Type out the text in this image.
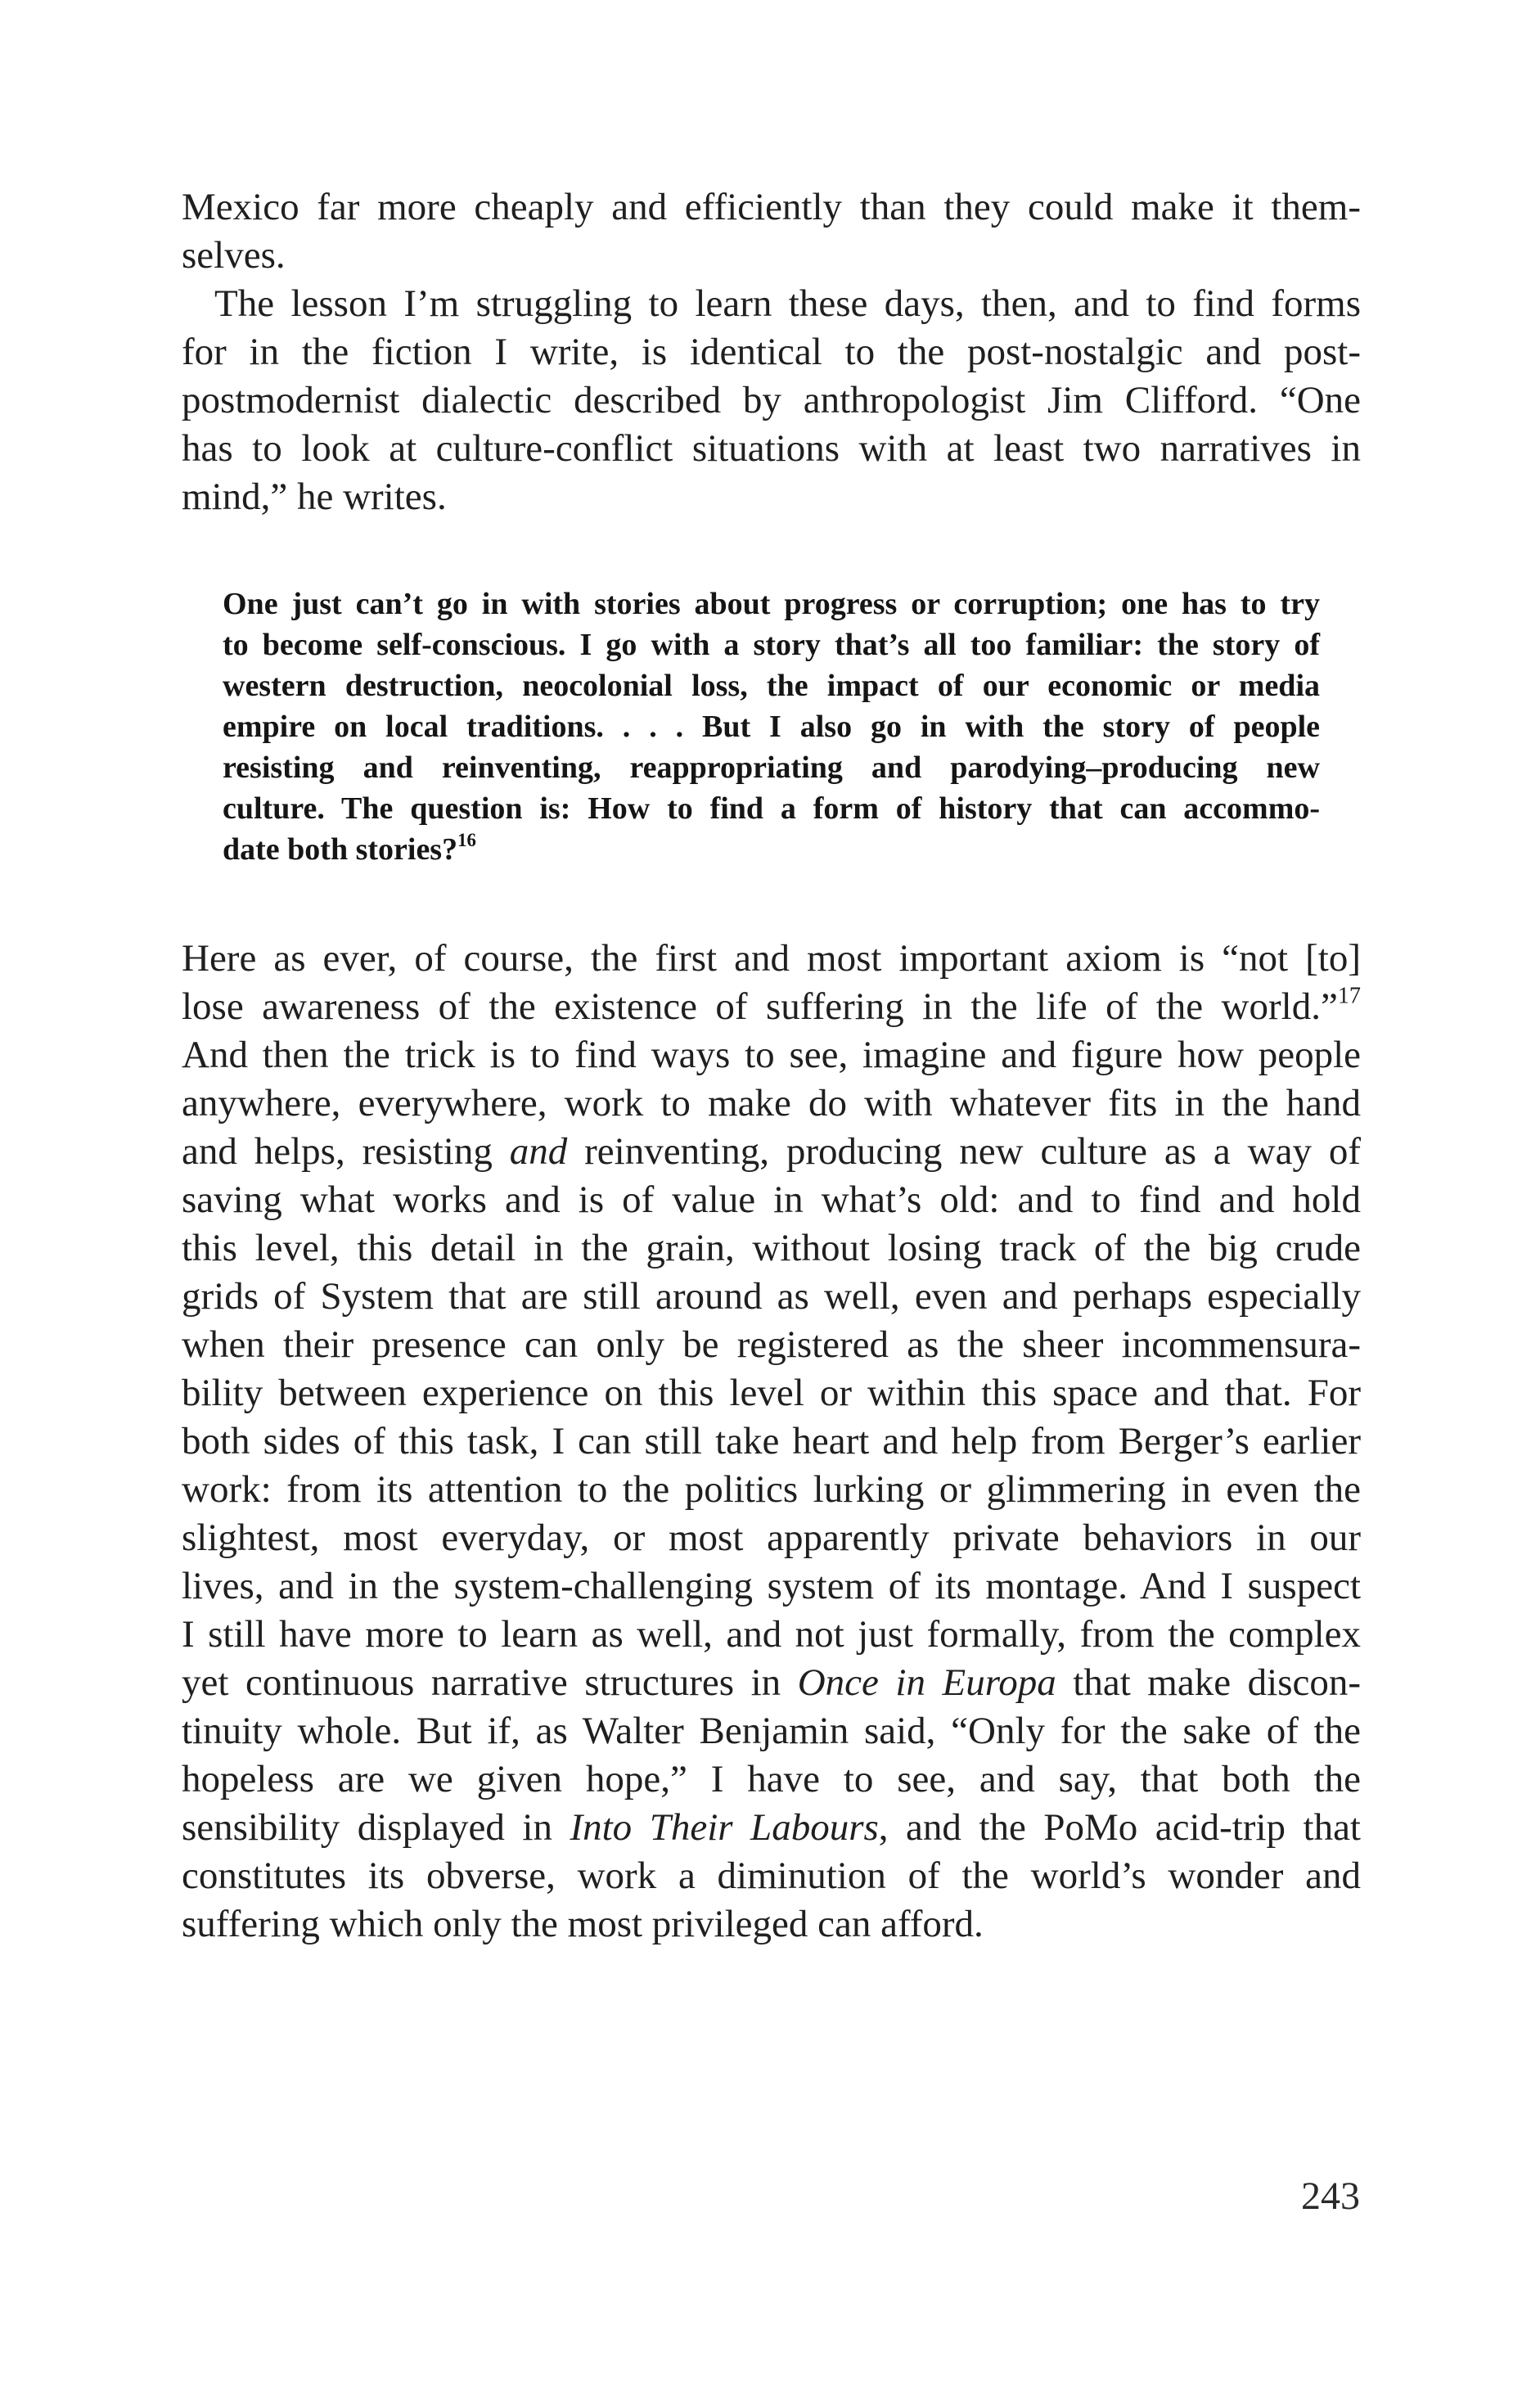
Mexico far more cheaply and efficiently than they could make it them-
selves.
The lesson I’m struggling to learn these days, then, and to find forms
for in the fiction I write, is identical to the post-nostalgic and post-
postmodernist dialectic described by anthropologist Jim Clifford. “One
has to look at culture-conflict situations with at least two narratives in
mind,” he writes.
One just can’t go in with stories about progress or corruption; one has to try
to become self-conscious. I go with a story that’s all too familiar: the story of
western destruction, neocolonial loss, the impact of our economic or media
empire on local traditions. . . . But I also go in with the story of people
resisting and reinventing, reappropriating and parodying–producing new
culture. The question is: How to find a form of history that can accommo-
date both stories?$^{16}$
Here as ever, of course, the first and most important axiom is “not [to]
lose awareness of the existence of suffering in the life of the world.”$^{17}$
And then the trick is to find ways to see, imagine and figure how people
anywhere, everywhere, work to make do with whatever fits in the hand
and helps, resisting and reinventing, producing new culture as a way of
saving what works and is of value in what’s old: and to find and hold
this level, this detail in the grain, without losing track of the big crude
grids of System that are still around as well, even and perhaps especially
when their presence can only be registered as the sheer incommensura-
bility between experience on this level or within this space and that. For
both sides of this task, I can still take heart and help from Berger’s earlier
work: from its attention to the politics lurking or glimmering in even the
slightest, most everyday, or most apparently private behaviors in our
lives, and in the system-challenging system of its montage. And I suspect
I still have more to learn as well, and not just formally, from the complex
yet continuous narrative structures in Once in Europa that make discon-
tinuity whole. But if, as Walter Benjamin said, “Only for the sake of the
hopeless are we given hope,” I have to see, and say, that both the
sensibility displayed in Into Their Labours, and the PoMo acid-trip that
constitutes its obverse, work a diminution of the world’s wonder and
suffering which only the most privileged can afford.
243
